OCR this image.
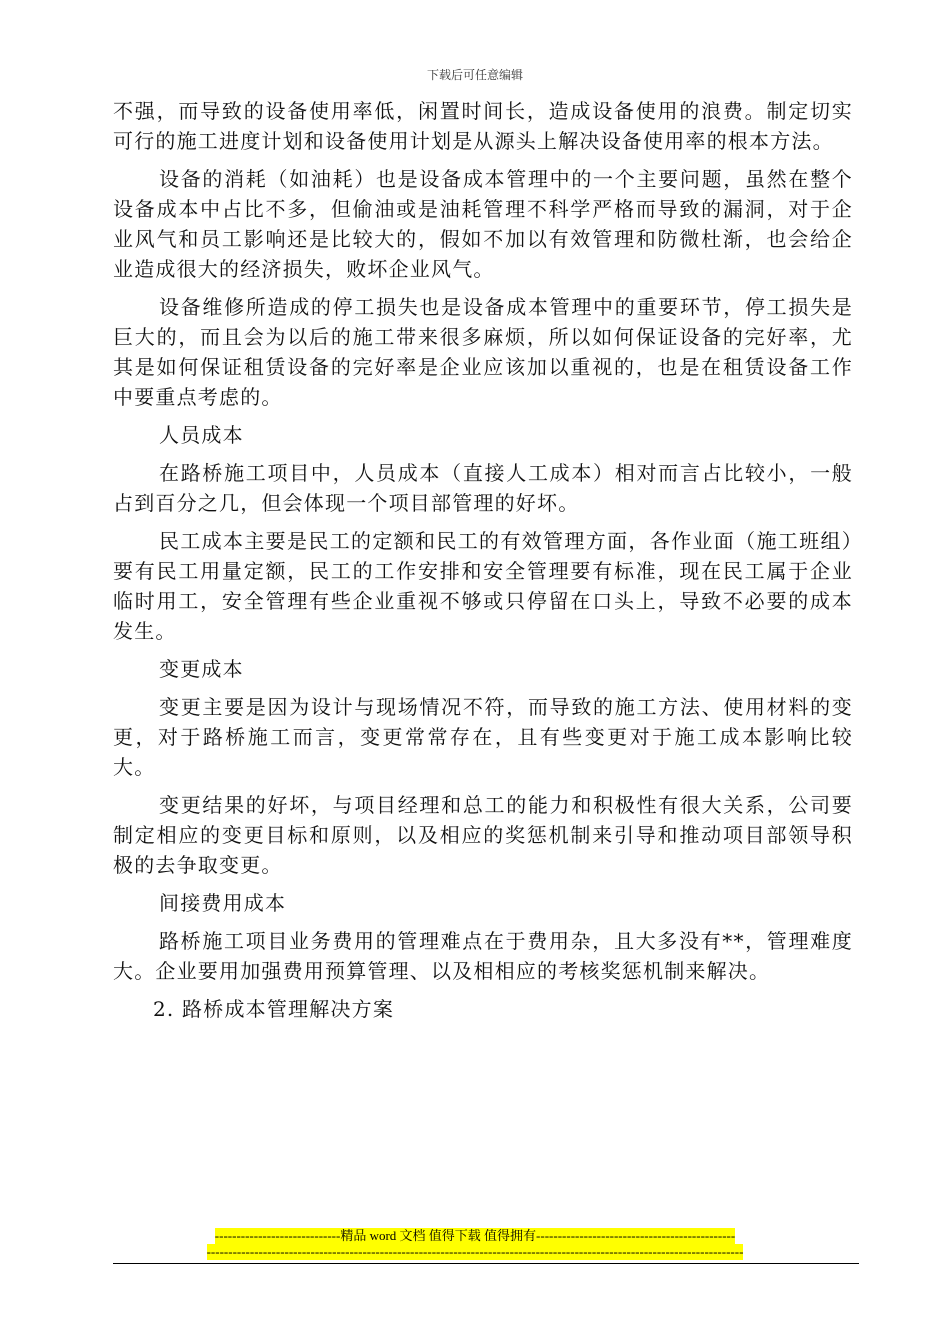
下载后可任意编辑

不强，而导致的设备使用率低，闲置时间长，造成设备使用的浪费。制定切实可行的施工进度计划和设备使用计划是从源头上解决设备使用率的根本方法。

设备的消耗（如油耗）也是设备成本管理中的一个主要问题，虽然在整个设备成本中占比不多，但偷油或是油耗管理不科学严格而导致的漏洞，对于企业风气和员工影响还是比较大的，假如不加以有效管理和防微杜渐，也会给企业造成很大的经济损失，败坏企业风气。

设备维修所造成的停工损失也是设备成本管理中的重要环节，停工损失是巨大的，而且会为以后的施工带来很多麻烦，所以如何保证设备的完好率，尤其是如何保证租赁设备的完好率是企业应该加以重视的，也是在租赁设备工作中要重点考虑的。

人员成本

在路桥施工项目中，人员成本（直接人工成本）相对而言占比较小，一般占到百分之几，但会体现一个项目部管理的好坏。

民工成本主要是民工的定额和民工的有效管理方面，各作业面（施工班组）要有民工用量定额，民工的工作安排和安全管理要有标准，现在民工属于企业临时用工，安全管理有些企业重视不够或只停留在口头上，导致不必要的成本发生。

变更成本

变更主要是因为设计与现场情况不符，而导致的施工方法、使用材料的变更，对于路桥施工而言，变更常常存在，且有些变更对于施工成本影响比较大。

变更结果的好坏，与项目经理和总工的能力和积极性有很大关系，公司要制定相应的变更目标和原则，以及相应的奖惩机制来引导和推动项目部领导积极的去争取变更。

间接费用成本

路桥施工项目业务费用的管理难点在于费用杂，且大多没有**，管理难度大。企业要用加强费用预算管理、以及相相应的考核奖惩机制来解决。

2. 路桥成本管理解决方案

-----------------------------精品 word 文档 值得下载 值得拥有----------------------------------------------
----------------------------------------------------------------------------------------------------------------------------
